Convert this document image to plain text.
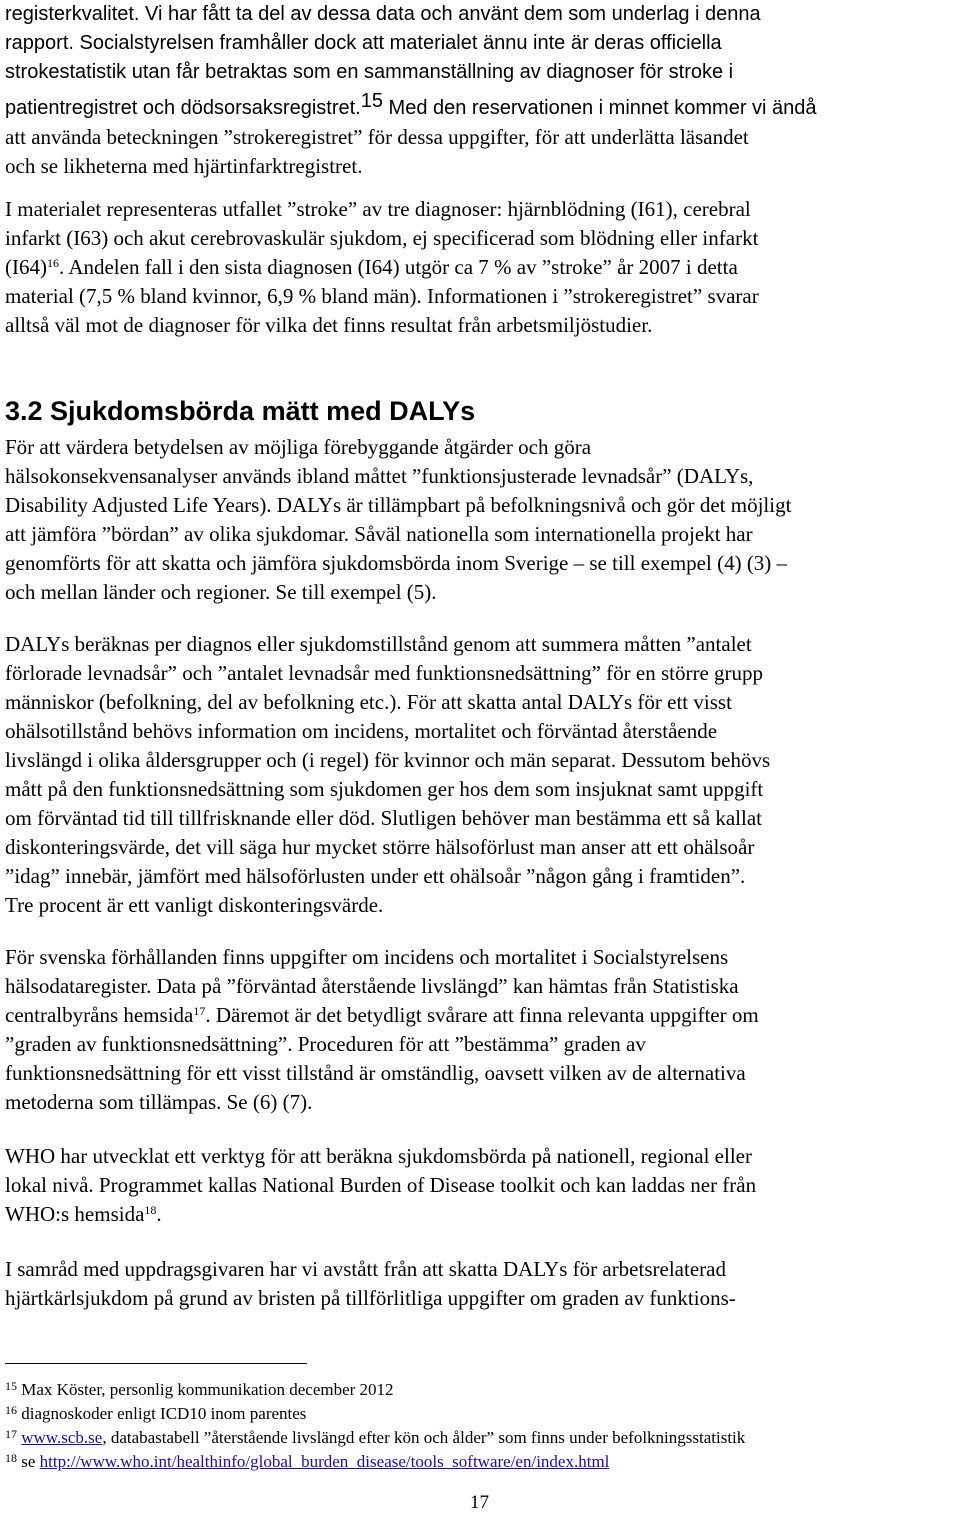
registerkvalitet. Vi har fått ta del av dessa data och använt dem som underlag i denna
rapport. Socialstyrelsen framhåller dock att materialet ännu inte är deras officiella
strokestatistik utan får betraktas som en sammanställning av diagnoser för stroke i
patientregistret och dödsorsaksregistret.$^{15}$ Med den reservationen i minnet kommer vi ändå
att använda beteckningen ”strokeregistret” för dessa uppgifter, för att underlätta läsandet
och se likheterna med hjärtinfarktregistret.
I materialet representeras utfallet ”stroke” av tre diagnoser: hjärnblödning (I61), cerebral
infarkt (I63) och akut cerebrovaskulär sjukdom, ej specificerad som blödning eller infarkt
$(I64)^{16}$. Andelen fall i den sista diagnosen (I64) utgör ca 7 % av ”stroke” år 2007 i detta
material (7,5 % bland kvinnor, 6,9 % bland män). Informationen i ”strokeregistret” svarar
alltså väl mot de diagnoser för vilka det finns resultat från arbetsmiljöstudier.
3.2 Sjukdomsbörda mätt med DALYs
För att värdera betydelsen av möjliga förebyggande åtgärder och göra
hälsokonsekvensanalyser används ibland måttet ”funktionsjusterade levnadsår” (DALYs,
Disability Adjusted Life Years). DALYs är tillämpbart på befolkningsnivå och gör det möjligt
att jämföra ”bördan” av olika sjukdomar. Såväl nationella som internationella projekt har
genomförts för att skatta och jämföra sjukdomsbörda inom Sverige – se till exempel (4) (3) –
och mellan länder och regioner. Se till exempel (5).
DALYs beräknas per diagnos eller sjukdomstillstånd genom att summera måtten ”antalet
förlorade levnadsår” och ”antalet levnadsår med funktionsnedsättning” för en större grupp
människor (befolkning, del av befolkning etc.). För att skatta antal DALYs för ett visst
ohälsotillstånd behövs information om incidens, mortalitet och förväntad återstående
livslängd i olika åldersgrupper och (i regel) för kvinnor och män separat. Dessutom behövs
mått på den funktionsnedsättning som sjukdomen ger hos dem som insjuknat samt uppgift
om förväntad tid till tillfrisknande eller död. Slutligen behöver man bestämma ett så kallat
diskonteringsvärde, det vill säga hur mycket större hälsoförlust man anser att ett ohälsoår
”idag” innebär, jämfört med hälsoförlusten under ett ohälsoår ”någon gång i framtiden”.
Tre procent är ett vanligt diskonteringsvärde.
För svenska förhållanden finns uppgifter om incidens och mortalitet i Socialstyrelsens
hälsodataregister. Data på ”förväntad återstående livslängd” kan hämtas från Statistiska
centralbyråns hemsida$^{17}$. Däremot är det betydligt svårare att finna relevanta uppgifter om
”graden av funktionsnedsättning”. Proceduren för att ”bestämma” graden av
funktionsnedsättning för ett visst tillstånd är omständlig, oavsett vilken av de alternativa
metoderna som tillämpas. Se (6) (7).
WHO har utvecklat ett verktyg för att beräkna sjukdomsbörda på nationell, regional eller
lokal nivå. Programmet kallas National Burden of Disease toolkit och kan laddas ner från
WHO:s hemsida$^{18}$.
I samråd med uppdragsgivaren har vi avstått från att skatta DALYs för arbetsrelaterad
hjärtkärlsjukdom på grund av bristen på tillförlitliga uppgifter om graden av funktions-
$^{15}$ Max Köster, personlig kommunikation december 2012
$^{16}$ diagnoskoder enligt ICD10 inom parentes
$^{17}$ www.scb.se, databastabell ”återstående livslängd efter kön och ålder” som finns under befolkningsstatistik
$^{18}$ se http://www.who.int/healthinfo/global_burden_disease/tools_software/en/index.html
17
